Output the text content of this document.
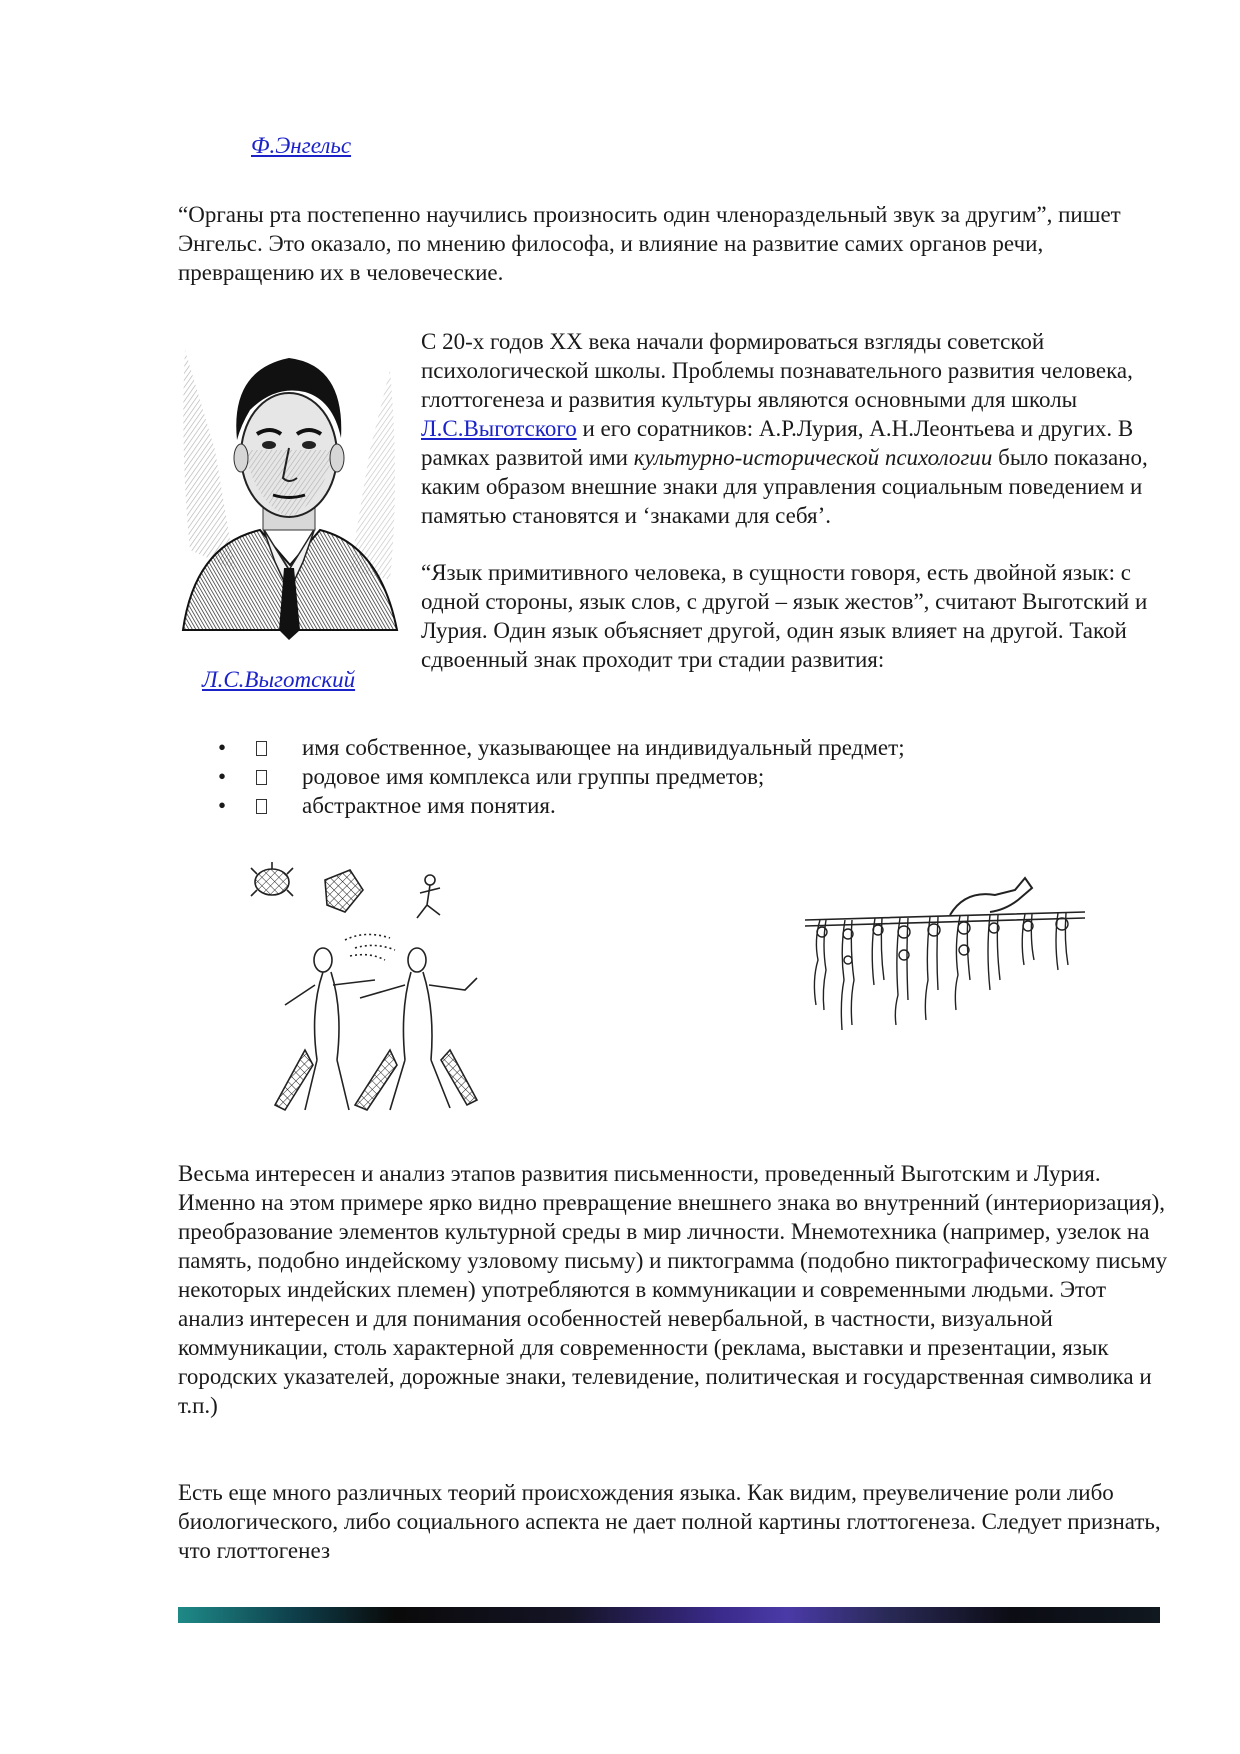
Ф.Энгельс

“Органы рта постепенно научились произносить один членораздельный звук за другим”, пишет Энгельс. Это оказало, по мнению философа, и влияние на развитие самих органов речи, превращению их в человеческие.

Л.С.Выготский

С 20-х годов XX века начали формироваться взгляды советской психологической школы. Проблемы познавательного развития человека, глоттогенеза и развития культуры являются основными для школы Л.С.Выготского и его соратников: А.Р.Лурия, А.Н.Леонтьева и других. В рамках развитой ими культурно-исторической психологии было показано, каким образом внешние знаки для управления социальным поведением и памятью становятся и ‘знаками для себя’.

“Язык примитивного человека, в сущности говоря, есть двойной язык: с одной стороны, язык слов, с другой – язык жестов”, считают Выготский и Лурия. Один язык объясняет другой, один язык влияет на другой. Такой сдвоенный знак проходит три стадии развития:

•	имя собственное, указывающее на индивидуальный предмет;
•	родовое имя комплекса или группы предметов;
•	абстрактное имя понятия.

Весьма интересен и анализ этапов развития письменности, проведенный Выготским и Лурия. Именно на этом примере ярко видно превращение внешнего знака во внутренний (интериоризация), преобразование элементов культурной среды в мир личности. Мнемотехника (например, узелок на память, подобно индейскому узловому письму) и пиктограмма (подобно пиктографическому письму некоторых индейских племен) употребляются в коммуникации и современными людьми. Этот анализ интересен и для понимания особенностей невербальной, в частности, визуальной коммуникации, столь характерной для современности (реклама, выставки и презентации, язык городских указателей, дорожные знаки, телевидение, политическая и государственная символика и т.п.)

Есть еще много различных теорий происхождения языка. Как видим, преувеличение роли либо биологического, либо социального аспекта не дает полной картины глоттогенеза. Следует признать, что глоттогенез
